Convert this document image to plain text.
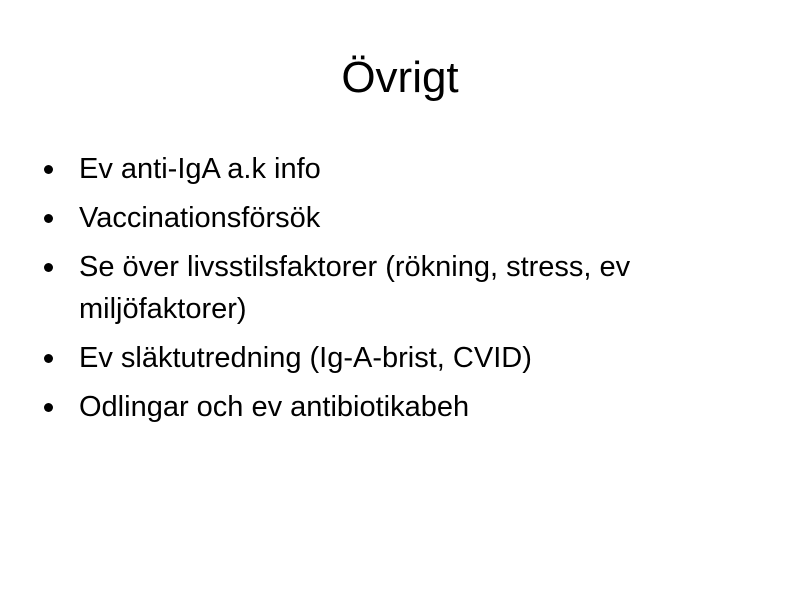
Övrigt
Ev anti-IgA a.k info
Vaccinationsförsök
Se över livsstilsfaktorer (rökning, stress, ev miljöfaktorer)
Ev släktutredning (Ig-A-brist, CVID)
Odlingar och ev antibiotikabeh
